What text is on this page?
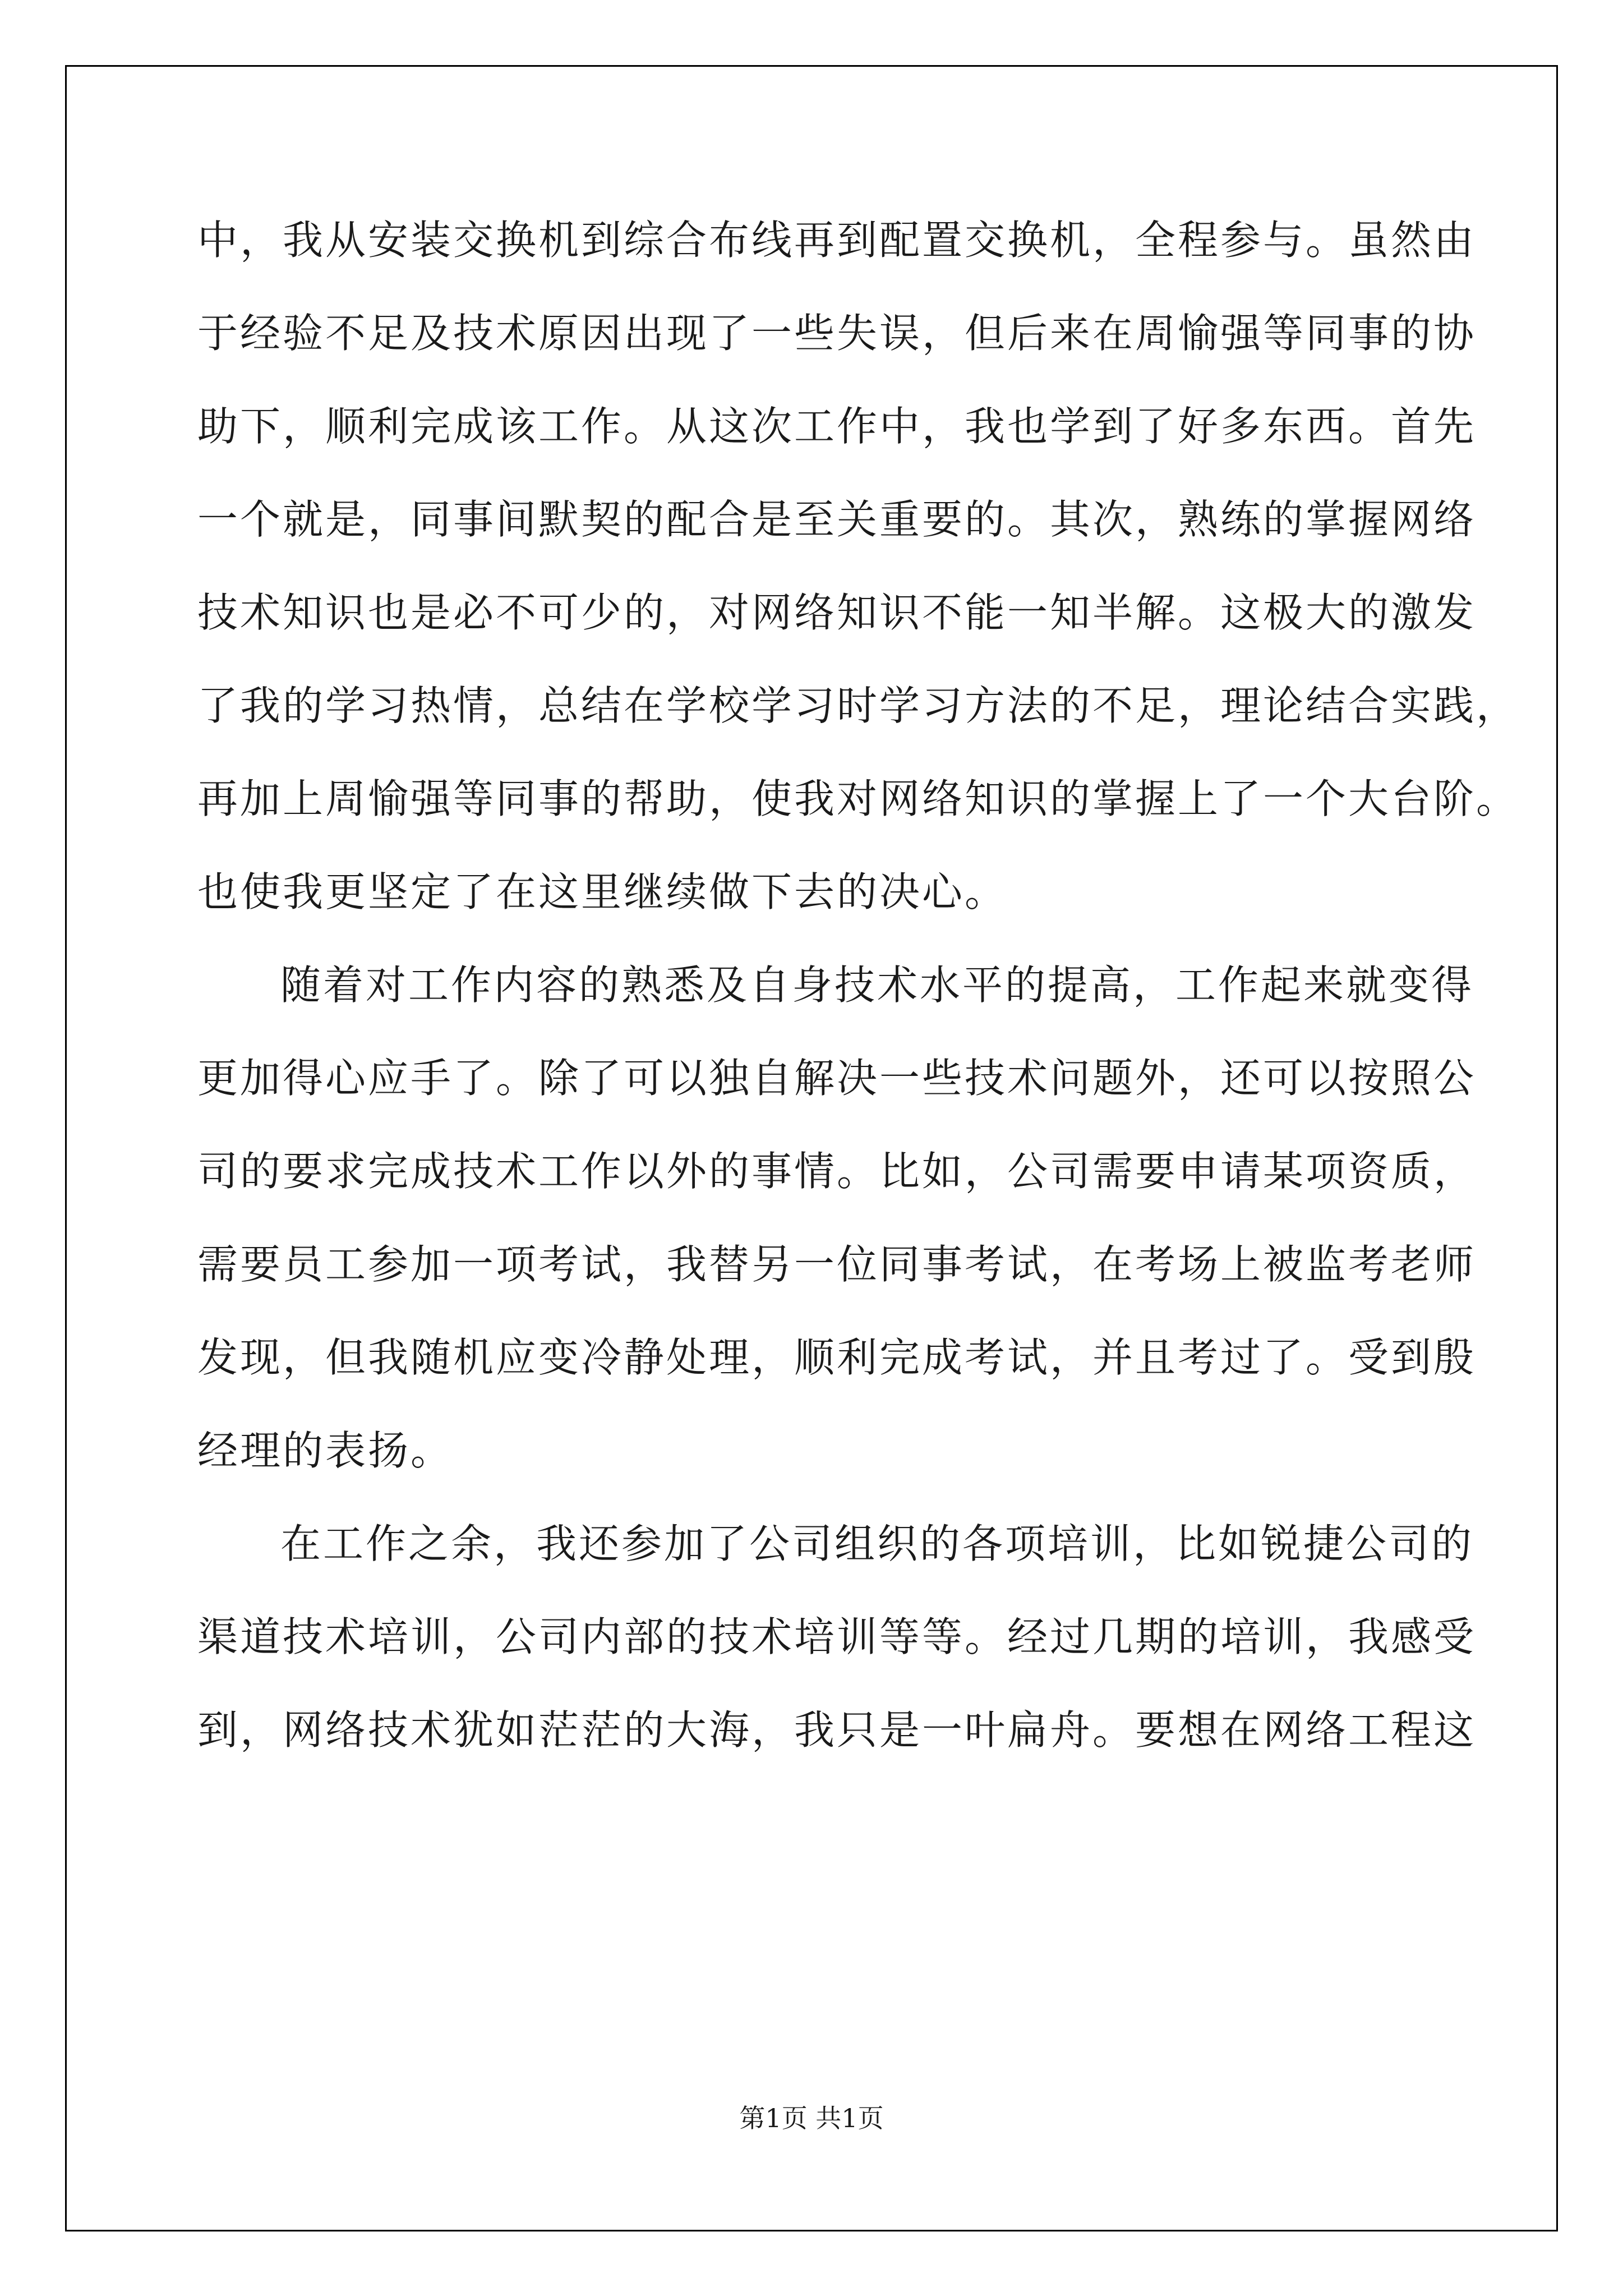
中，我从安装交换机到综合布线再到配置交换机，全程参与。虽然由
于经验不足及技术原因出现了一些失误，但后来在周愉强等同事的协
助下，顺利完成该工作。从这次工作中，我也学到了好多东西。首先
一个就是，同事间默契的配合是至关重要的。其次，熟练的掌握网络
技术知识也是必不可少的，对网络知识不能一知半解。这极大的激发
了我的学习热情，总结在学校学习时学习方法的不足，理论结合实践，
再加上周愉强等同事的帮助，使我对网络知识的掌握上了一个大台阶。
也使我更坚定了在这里继续做下去的决心。
随着对工作内容的熟悉及自身技术水平的提高，工作起来就变得
更加得心应手了。除了可以独自解决一些技术问题外，还可以按照公
司的要求完成技术工作以外的事情。比如，公司需要申请某项资质，
需要员工参加一项考试，我替另一位同事考试，在考场上被监考老师
发现，但我随机应变冷静处理，顺利完成考试，并且考过了。受到殷
经理的表扬。
在工作之余，我还参加了公司组织的各项培训，比如锐捷公司的
渠道技术培训，公司内部的技术培训等等。经过几期的培训，我感受
到，网络技术犹如茫茫的大海，我只是一叶扁舟。要想在网络工程这
第1页 共1页
